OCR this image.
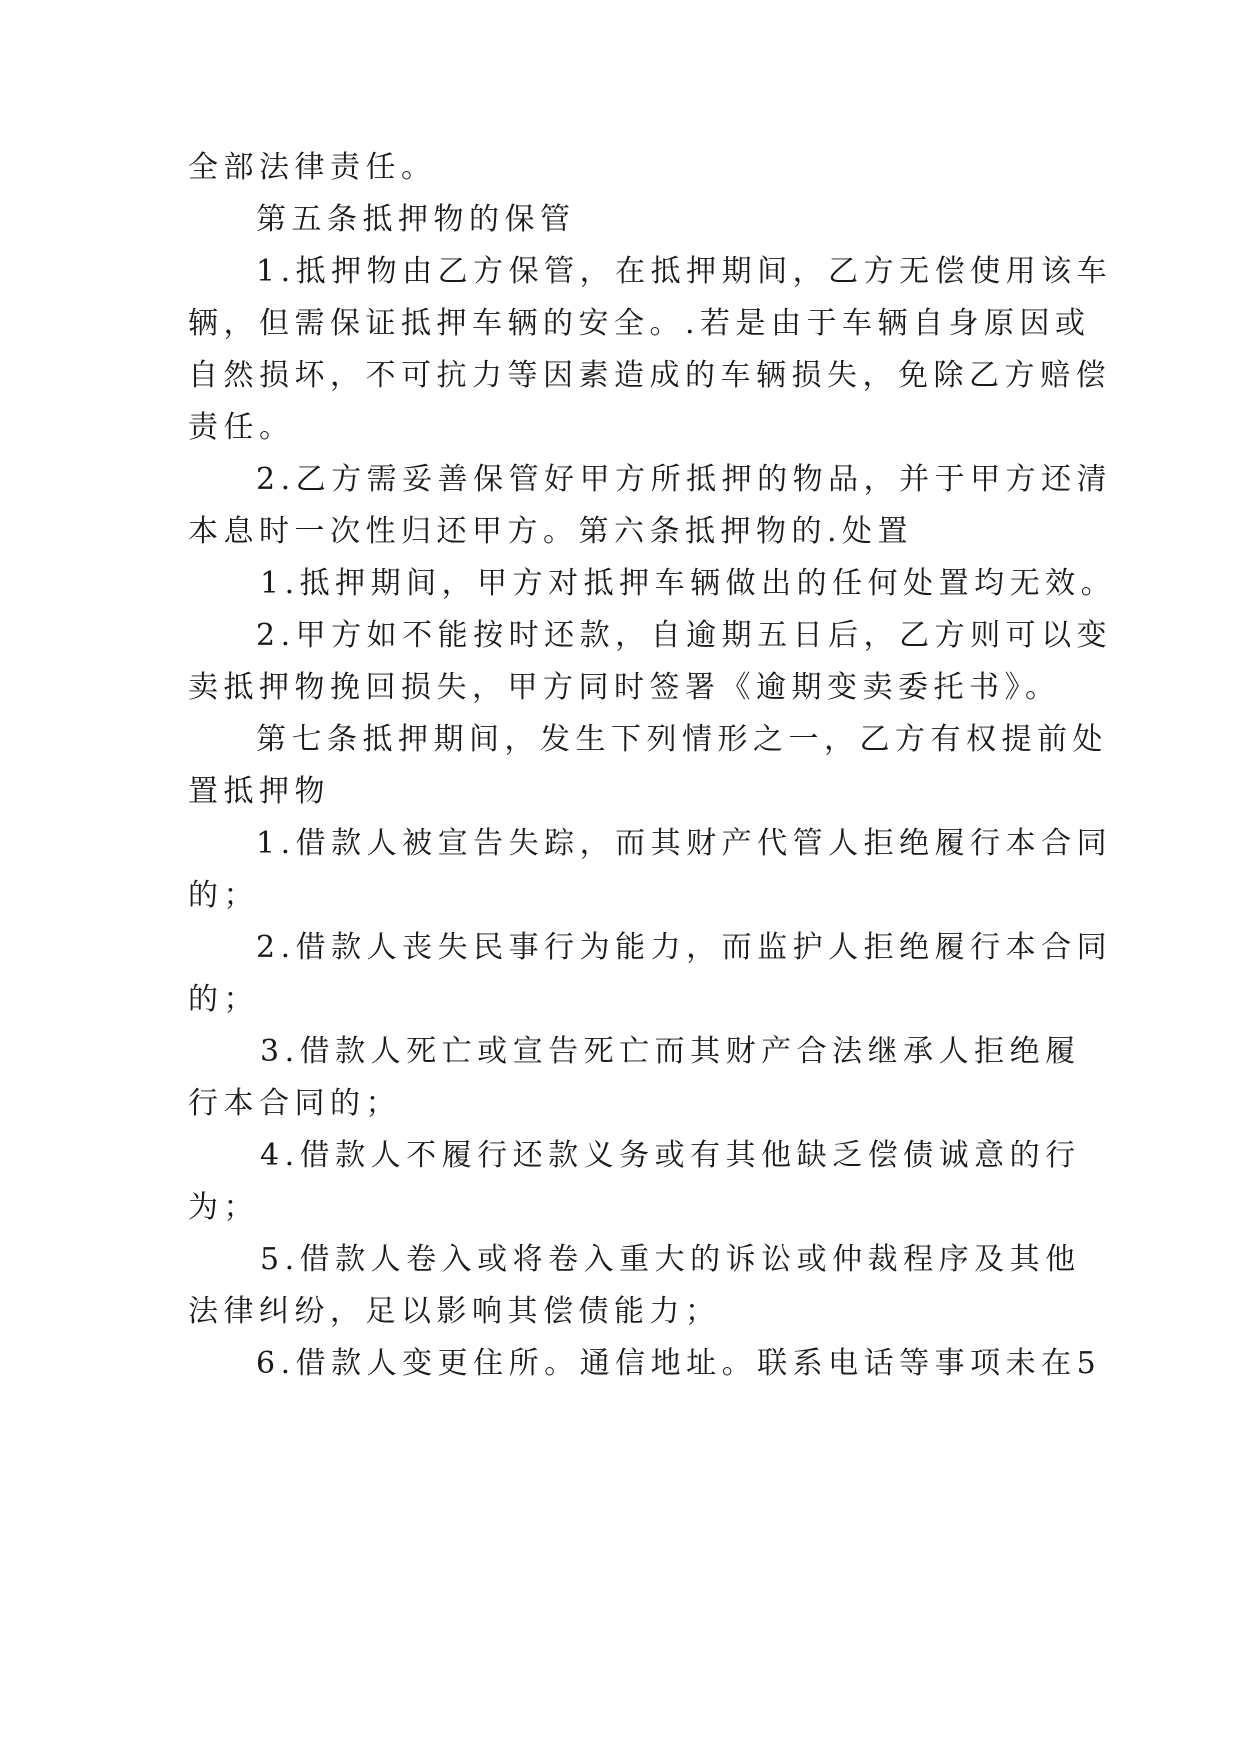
全部法律责任。
第五条抵押物的保管
1.抵押物由乙方保管，在抵押期间，乙方无偿使用该车
辆，但需保证抵押车辆的安全。.若是由于车辆自身原因或
自然损坏，不可抗力等因素造成的车辆损失，免除乙方赔偿
责任。
2.乙方需妥善保管好甲方所抵押的物品，并于甲方还清
本息时一次性归还甲方。第六条抵押物的.处置
1.抵押期间，甲方对抵押车辆做出的任何处置均无效。
2.甲方如不能按时还款，自逾期五日后，乙方则可以变
卖抵押物挽回损失，甲方同时签署《逾期变卖委托书》。
第七条抵押期间，发生下列情形之一，乙方有权提前处
置抵押物
1.借款人被宣告失踪，而其财产代管人拒绝履行本合同
的；
2.借款人丧失民事行为能力，而监护人拒绝履行本合同
的；
3.借款人死亡或宣告死亡而其财产合法继承人拒绝履
行本合同的；
4.借款人不履行还款义务或有其他缺乏偿债诚意的行
为；
5.借款人卷入或将卷入重大的诉讼或仲裁程序及其他
法律纠纷，足以影响其偿债能力；
6.借款人变更住所。通信地址。联系电话等事项未在5
